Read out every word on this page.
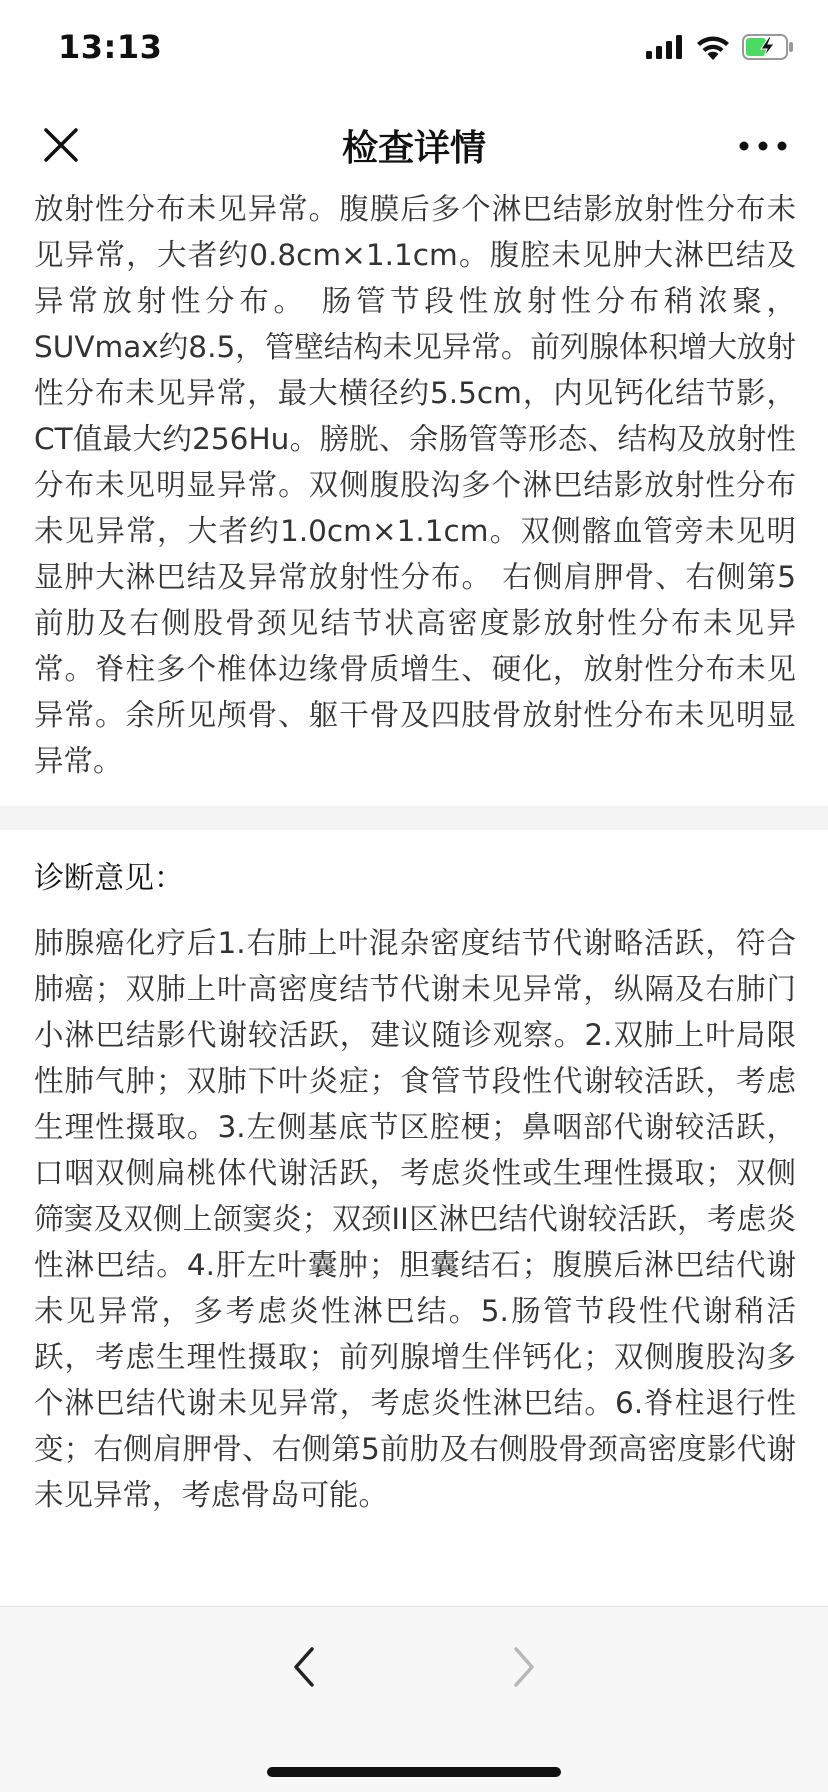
13:13
检查详情

放射性分布未见异常。腹膜后多个淋巴结影放射性分布未见异常，大者约0.8cm×1.1cm。腹腔未见肿大淋巴结及异常放射性分布。 肠管节段性放射性分布稍浓聚，SUVmax约8.5，管壁结构未见异常。前列腺体积增大放射性分布未见异常，最大横径约5.5cm，内见钙化结节影，CT值最大约256Hu。膀胱、余肠管等形态、结构及放射性分布未见明显异常。双侧腹股沟多个淋巴结影放射性分布未见异常，大者约1.0cm×1.1cm。双侧髂血管旁未见明显肿大淋巴结及异常放射性分布。 右侧肩胛骨、右侧第5前肋及右侧股骨颈见结节状高密度影放射性分布未见异常。脊柱多个椎体边缘骨质增生、硬化，放射性分布未见异常。余所见颅骨、躯干骨及四肢骨放射性分布未见明显异常。

诊断意见：

肺腺癌化疗后1.右肺上叶混杂密度结节代谢略活跃，符合肺癌；双肺上叶高密度结节代谢未见异常，纵隔及右肺门小淋巴结影代谢较活跃，建议随诊观察。2.双肺上叶局限性肺气肿；双肺下叶炎症；食管节段性代谢较活跃，考虑生理性摄取。3.左侧基底节区腔梗；鼻咽部代谢较活跃，口咽双侧扁桃体代谢活跃，考虑炎性或生理性摄取；双侧筛窦及双侧上颌窦炎；双颈II区淋巴结代谢较活跃，考虑炎性淋巴结。4.肝左叶囊肿；胆囊结石；腹膜后淋巴结代谢未见异常，多考虑炎性淋巴结。5.肠管节段性代谢稍活跃，考虑生理性摄取；前列腺增生伴钙化；双侧腹股沟多个淋巴结代谢未见异常，考虑炎性淋巴结。6.脊柱退行性变；右侧肩胛骨、右侧第5前肋及右侧股骨颈高密度影代谢未见异常，考虑骨岛可能。
